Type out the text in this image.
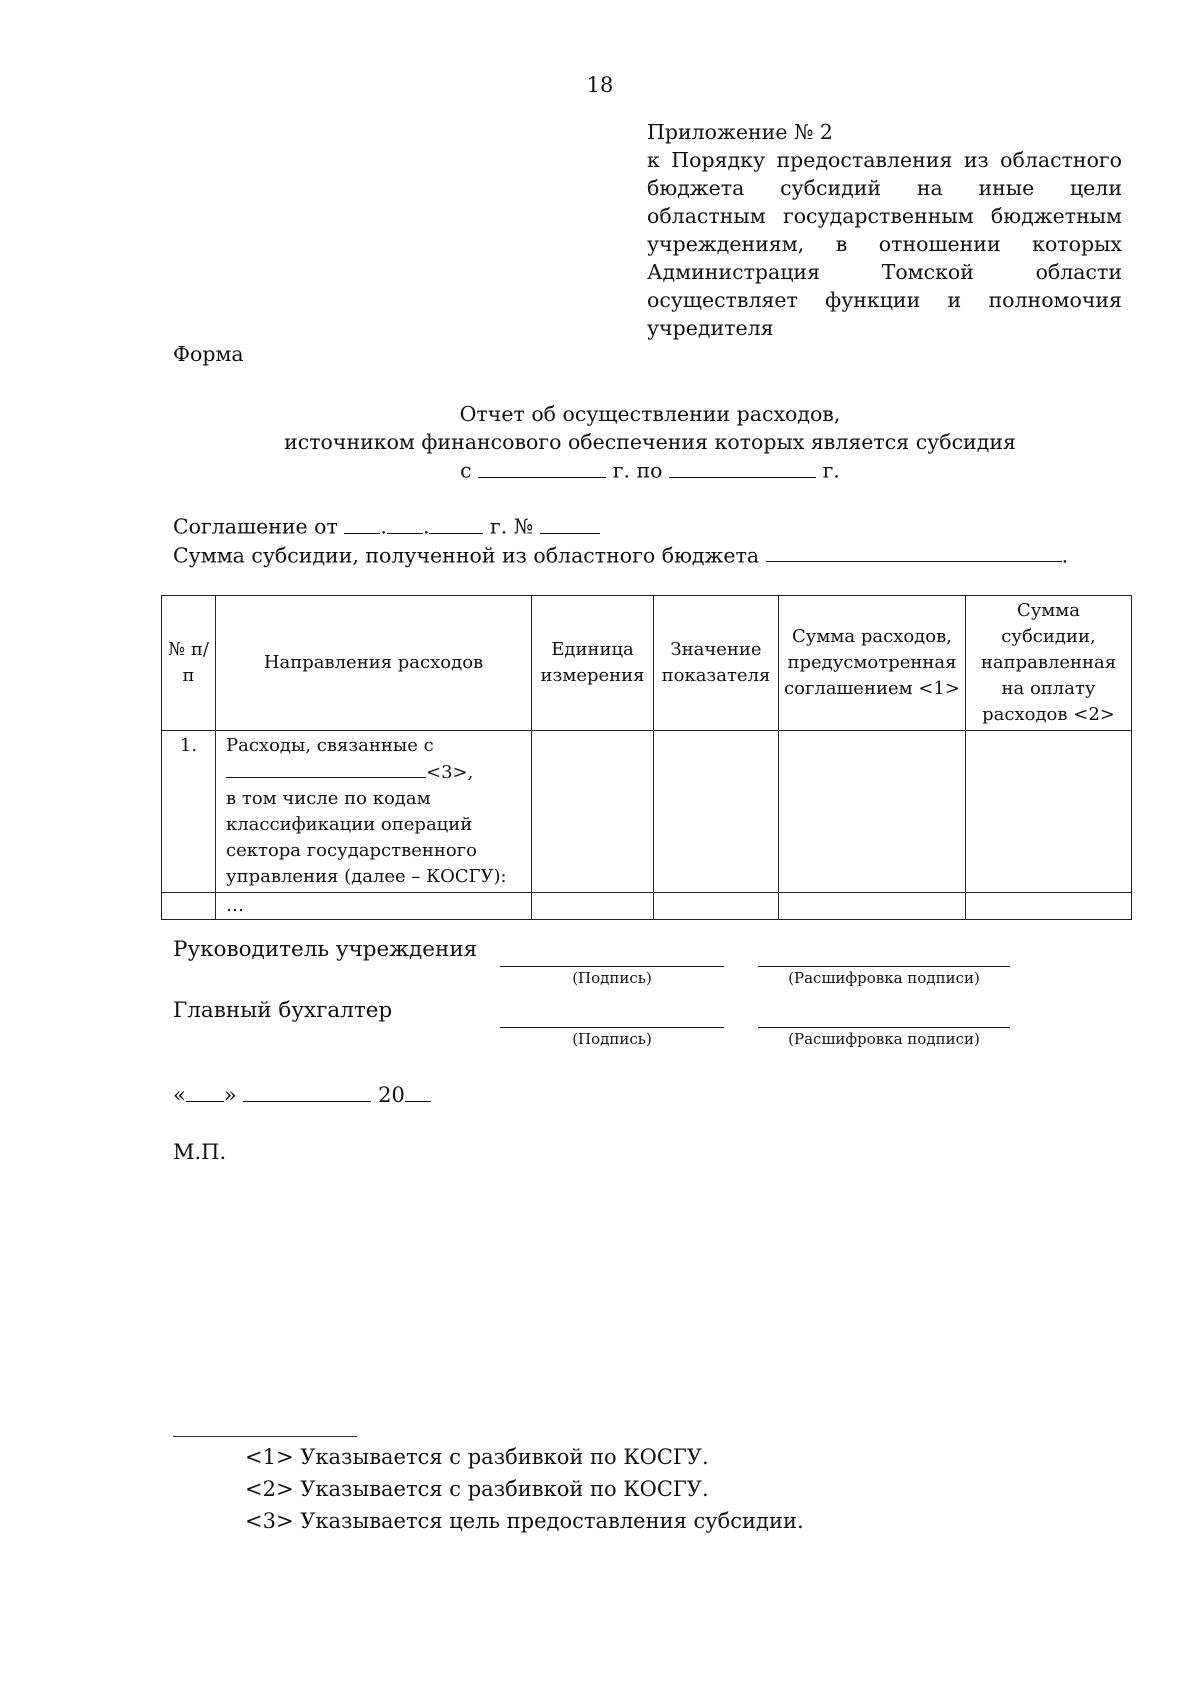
18
Приложение № 2
к Порядку предоставления из областного бюджета субсидий на иные цели областным государственным бюджетным учреждениям, в отношении которых Администрация Томской области осуществляет функции и полномочия учредителя
Форма
Отчет об осуществлении расходов,
источником финансового обеспечения которых является субсидия
с	г. по	г.
Соглашение от . .	г. №
Сумма субсидии, полученной из областного бюджета	.
№ п/п	Направления расходов	Единица измерения	Значение показателя	Сумма расходов, предусмотренная соглашением <1>	Сумма субсидии, направленная на оплату расходов <2>
1.	Расходы, связанные с
<3>,
в том числе по кодам классификации операций сектора государственного управления (далее – КОСГУ):				

	…				
Руководитель учреждения
(Подпись)	(Расшифровка подписи)
Главный бухгалтер
(Подпись)	(Расшифровка подписи)
« »	20
М.П.
<1> Указывается с разбивкой по КОСГУ.
<2> Указывается с разбивкой по КОСГУ.
<3> Указывается цель предоставления субсидии.
